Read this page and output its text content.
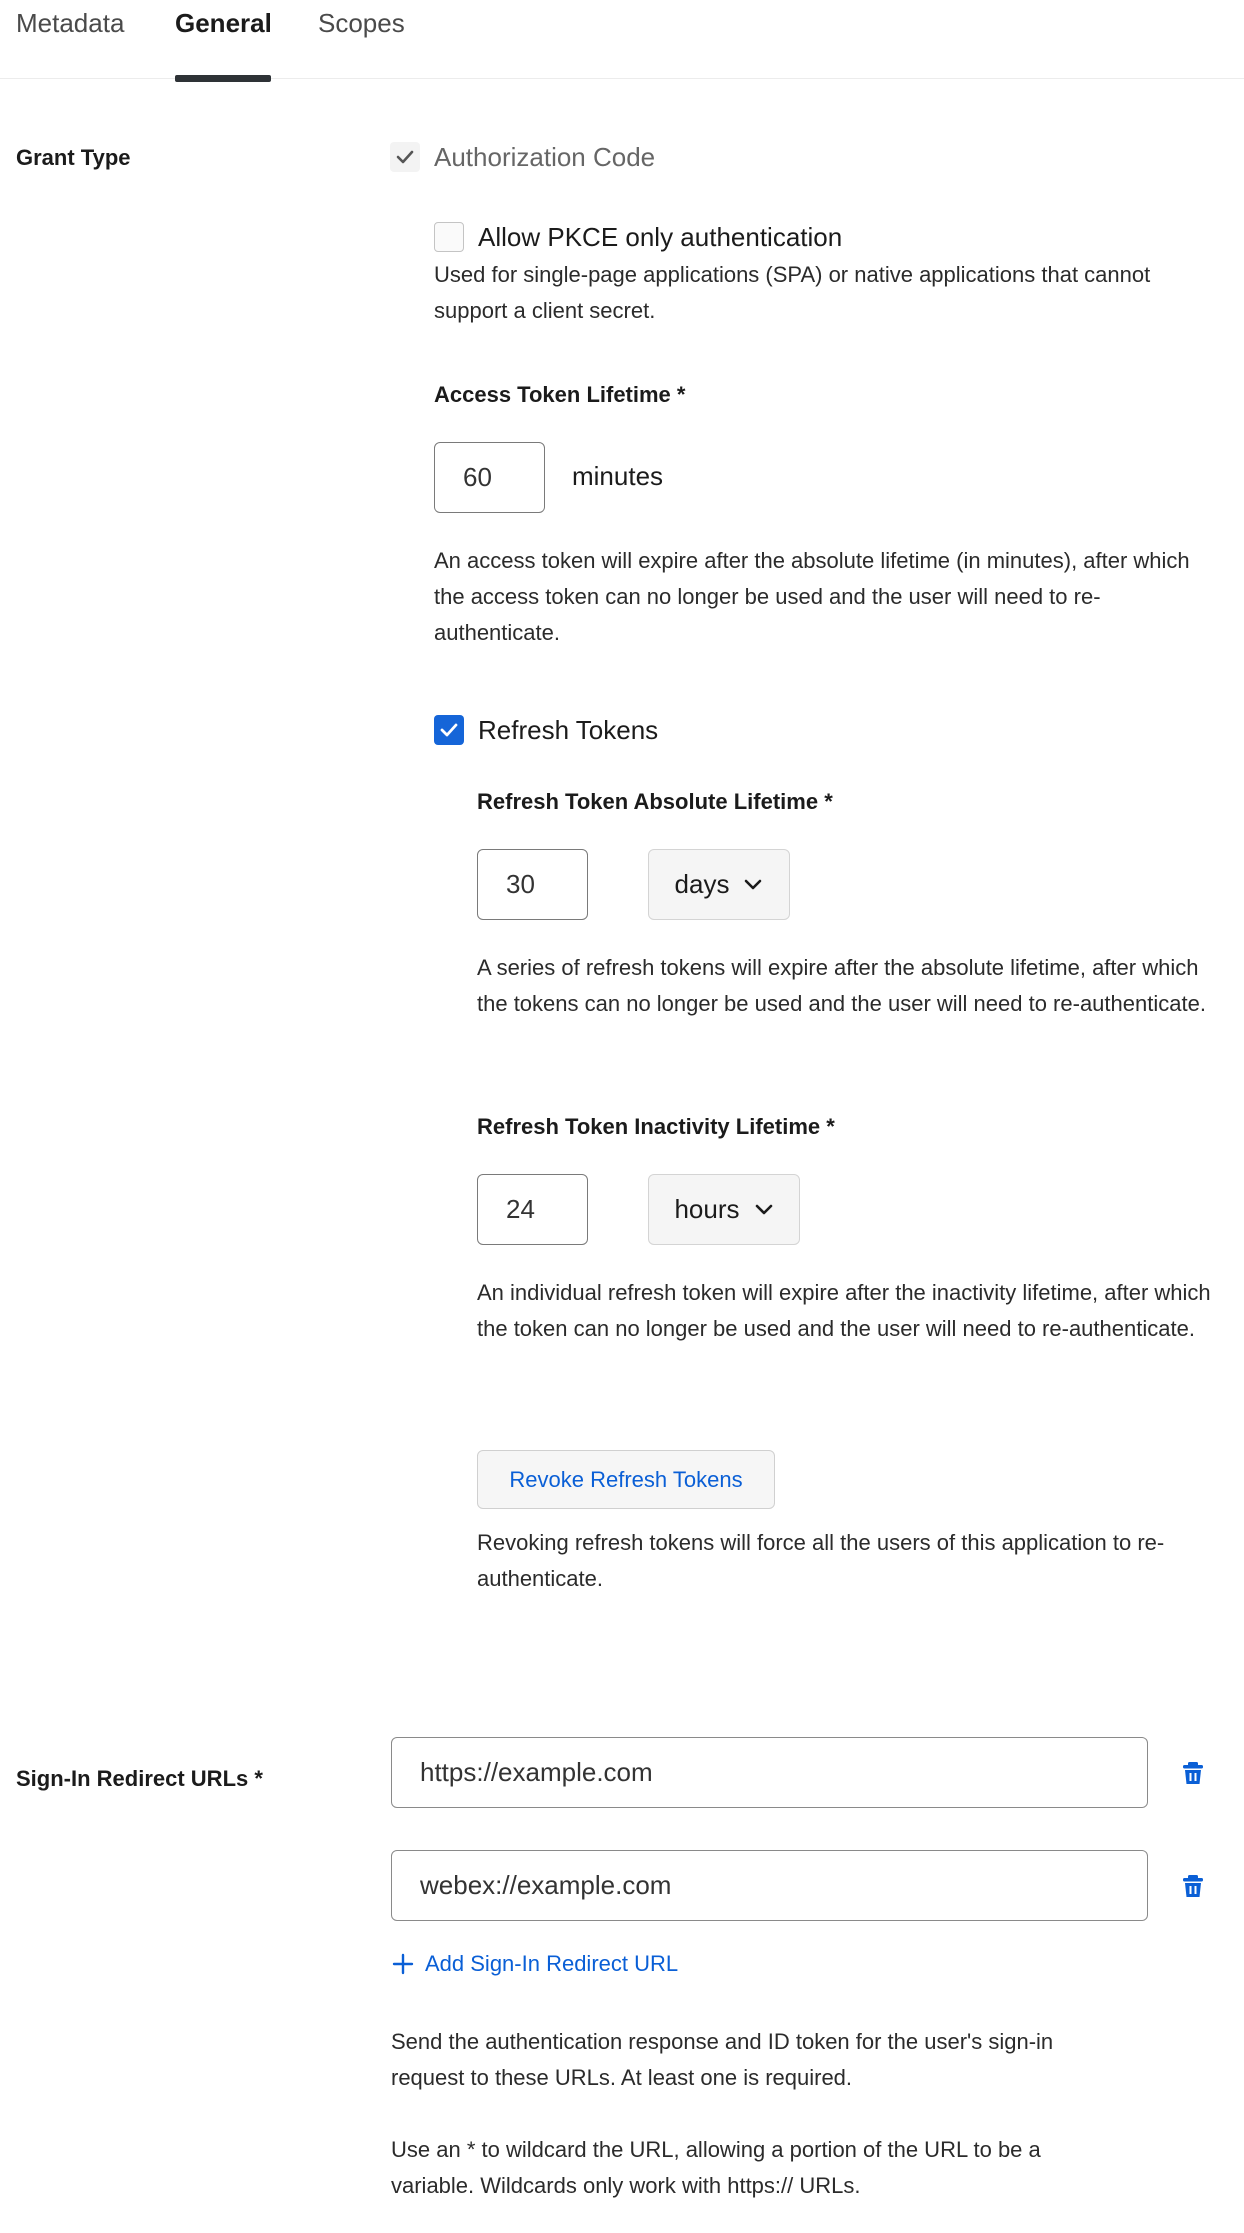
Metadata General Scopes
Grant Type	Authorization Code
Allow PKCE only authentication
Used for single-page applications (SPA) or native applications that cannot support a client secret.
Access Token Lifetime *
60	minutes
An access token will expire after the absolute lifetime (in minutes), after which the access token can no longer be used and the user will need to re-authenticate.
Refresh Tokens
Refresh Token Absolute Lifetime *
30	days
A series of refresh tokens will expire after the absolute lifetime, after which the tokens can no longer be used and the user will need to re-authenticate.
Refresh Token Inactivity Lifetime *
24	hours
An individual refresh token will expire after the inactivity lifetime, after which the token can no longer be used and the user will need to re-authenticate.
Revoke Refresh Tokens
Revoking refresh tokens will force all the users of this application to re-authenticate.
Sign-In Redirect URLs *	https://example.com
webex://example.com
Add Sign-In Redirect URL
Send the authentication response and ID token for the user's sign-in request to these URLs. At least one is required.
Use an * to wildcard the URL, allowing a portion of the URL to be a variable. Wildcards only work with https:// URLs.
